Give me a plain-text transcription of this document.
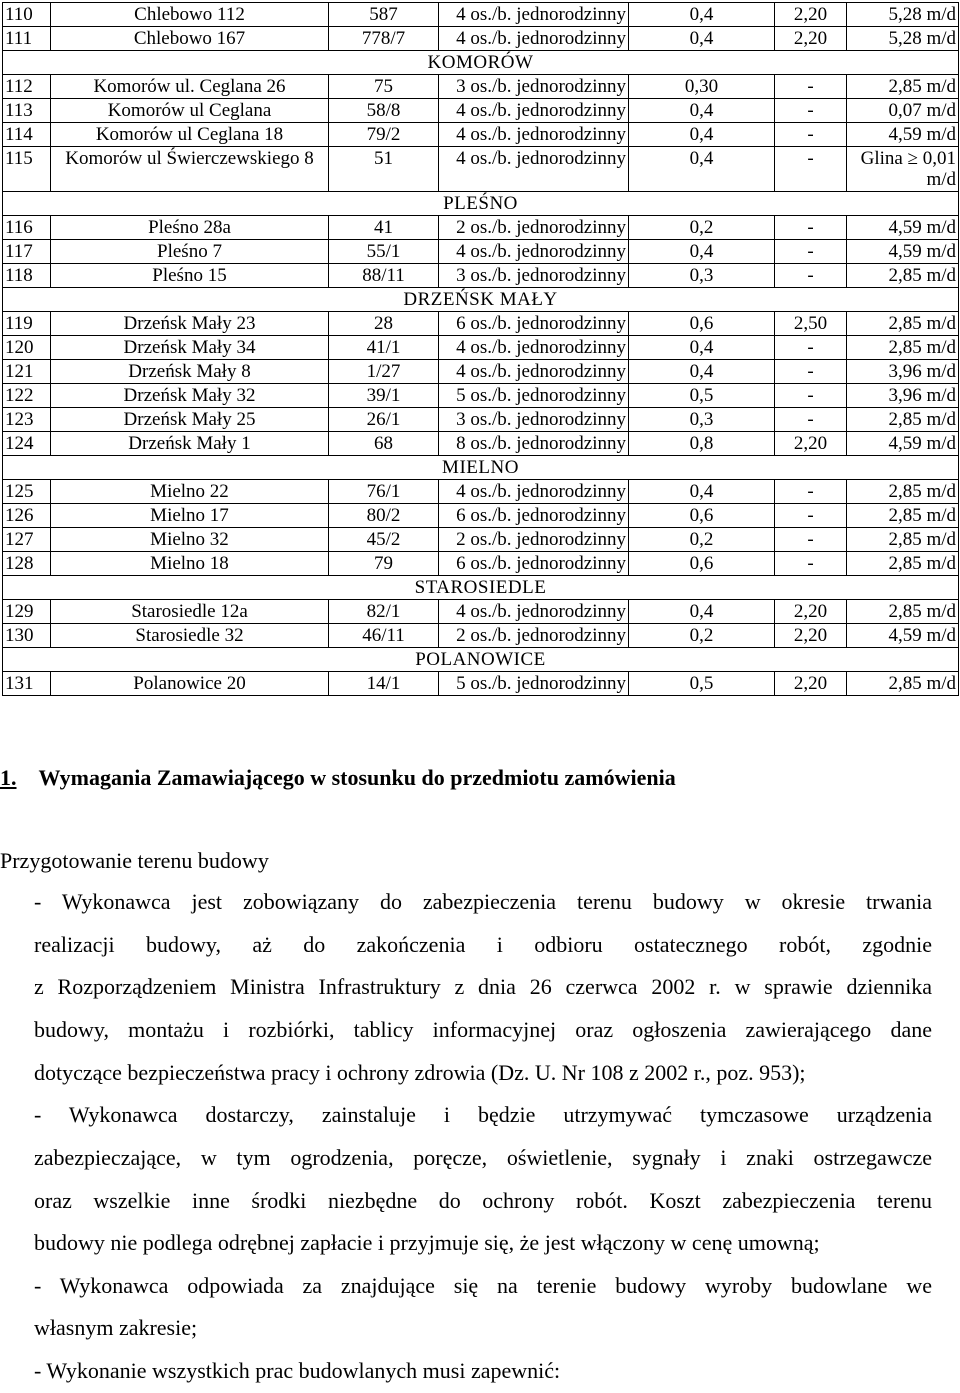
110	Chlebowo 112	587	4 os./b. jednorodzinny	0,4	2,20	5,28 m/d
111	Chlebowo 167	778/7	4 os./b. jednorodzinny	0,4	2,20	5,28 m/d
KOMORÓW						
112	Komorów ul. Ceglana 26	75	3 os./b. jednorodzinny	0,30	-	2,85 m/d
113	Komorów ul Ceglana	58/8	4 os./b. jednorodzinny	0,4	-	0,07 m/d
114	Komorów ul Ceglana 18	79/2	4 os./b. jednorodzinny	0,4	-	4,59 m/d
115	Komorów ul Świerczewskiego 8	51	4 os./b. jednorodzinny	0,4	-	Glina ≥ 0,01 m/d
PLEŚNO						
116	Pleśno 28a	41	2 os./b. jednorodzinny	0,2	-	4,59 m/d
117	Pleśno 7	55/1	4 os./b. jednorodzinny	0,4	-	4,59 m/d
118	Pleśno 15	88/11	3 os./b. jednorodzinny	0,3	-	2,85 m/d
DRZEŃSK MAŁY						
119	Drzeńsk Mały 23	28	6 os./b. jednorodzinny	0,6	2,50	2,85 m/d
120	Drzeńsk Mały 34	41/1	4 os./b. jednorodzinny	0,4	-	2,85 m/d
121	Drzeńsk Mały 8	1/27	4 os./b. jednorodzinny	0,4	-	3,96 m/d
122	Drzeńsk Mały 32	39/1	5 os./b. jednorodzinny	0,5	-	3,96 m/d
123	Drzeńsk Mały 25	26/1	3 os./b. jednorodzinny	0,3	-	2,85 m/d
124	Drzeńsk Mały 1	68	8 os./b. jednorodzinny	0,8	2,20	4,59 m/d
MIELNO						
125	Mielno 22	76/1	4 os./b. jednorodzinny	0,4	-	2,85 m/d
126	Mielno 17	80/2	6 os./b. jednorodzinny	0,6	-	2,85 m/d
127	Mielno 32	45/2	2 os./b. jednorodzinny	0,2	-	2,85 m/d
128	Mielno 18	79	6 os./b. jednorodzinny	0,6	-	2,85 m/d
STAROSIEDLE						
129	Starosiedle 12a	82/1	4 os./b. jednorodzinny	0,4	2,20	2,85 m/d
130	Starosiedle 32	46/11	2 os./b. jednorodzinny	0,2	2,20	4,59 m/d
POLANOWICE						
131	Polanowice 20	14/1	5 os./b. jednorodzinny	0,5	2,20	2,85 m/d
1. Wymagania Zamawiającego w stosunku do przedmiotu zamówienia
Przygotowanie terenu budowy
- Wykonawca jest zobowiązany do zabezpieczenia terenu budowy w okresie trwania
realizacji budowy, aż do zakończenia i odbioru ostatecznego robót, zgodnie
z Rozporządzeniem Ministra Infrastruktury z dnia 26 czerwca 2002 r. w sprawie dziennika
budowy, montażu i rozbiórki, tablicy informacyjnej oraz ogłoszenia zawierającego dane
dotyczące bezpieczeństwa pracy i ochrony zdrowia (Dz. U. Nr 108 z 2002 r., poz. 953);
- Wykonawca dostarczy, zainstaluje i będzie utrzymywać tymczasowe urządzenia
zabezpieczające, w tym ogrodzenia, poręcze, oświetlenie, sygnały i znaki ostrzegawcze
oraz wszelkie inne środki niezbędne do ochrony robót. Koszt zabezpieczenia terenu
budowy nie podlega odrębnej zapłacie i przyjmuje się, że jest włączony w cenę umowną;
- Wykonawca odpowiada za znajdujące się na terenie budowy wyroby budowlane we
własnym zakresie;
- Wykonanie wszystkich prac budowlanych musi zapewnić:
